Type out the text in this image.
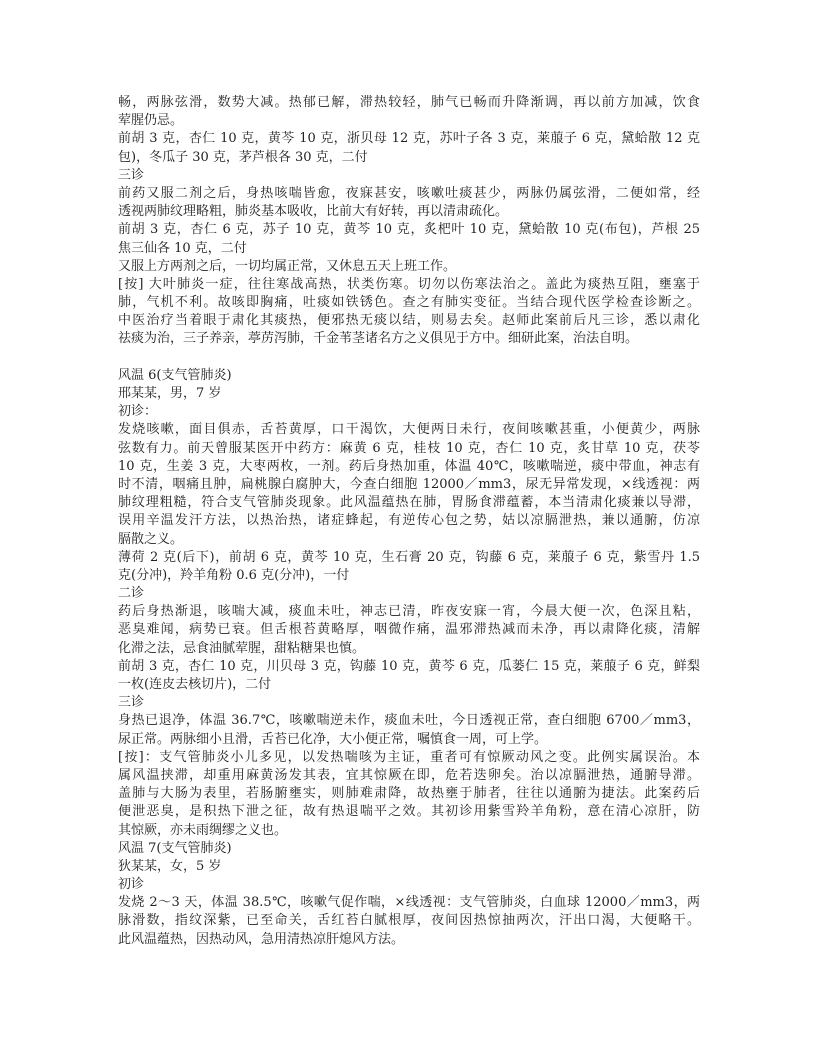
畅，两脉弦滑，数势大减。热郁已解，滞热较轻，肺气已畅而升降渐调，再以前方加减，饮食
荤腥仍忌。
前胡 3 克，杏仁 10 克，黄芩 10 克，浙贝母 12 克，苏叶子各 3 克，莱菔子 6 克，黛蛤散 12 克
包)，冬瓜子 30 克，茅芦根各 30 克，二付
三诊
前药又服二剂之后，身热咳喘皆愈，夜寐甚安，咳嗽吐痰甚少，两脉仍属弦滑，二便如常，经
透视两肺纹理略粗，肺炎基本吸收，比前大有好转，再以清肃疏化。
前胡 3 克，杏仁 6 克，苏子 10 克，黄芩 10 克，炙杷叶 10 克，黛蛤散 10 克(布包)，芦根 25
焦三仙各 10 克，二付
又服上方两剂之后，一切均属正常，又休息五天上班工作。
[按] 大叶肺炎一症，往往寒战高热，状类伤寒。切勿以伤寒法治之。盖此为痰热互阻，壅塞于
肺，气机不利。故咳即胸痛，吐痰如铁锈色。查之有肺实变征。当结合现代医学检查诊断之。
中医治疗当着眼于肃化其痰热，便邪热无痰以结，则易去矣。赵师此案前后凡三诊，悉以肃化
祛痰为治，三子养亲，葶苈泻肺，千金苇茎诸名方之义俱见于方中。细研此案，治法自明。
风温 6(支气管肺炎)
邢某某，男，7 岁
初诊：
发烧咳嗽，面目俱赤，舌苔黄厚，口干渴饮，大便两日未行，夜间咳嗽甚重，小便黄少，两脉
弦数有力。前天曾服某医开中药方：麻黄 6 克，桂枝 10 克，杏仁 10 克，炙甘草 10 克，茯苓
10 克，生姜 3 克，大枣两枚，一剂。药后身热加重，体温 40℃，咳嗽喘逆，痰中带血，神志有
时不清，咽痛且肿，扁桃腺白腐肿大，今查白细胞 12000／mm3，尿无异常发现，×线透视：两
肺纹理粗糙，符合支气管肺炎现象。此风温蕴热在肺，胃肠食滞蕴蓄，本当清肃化痰兼以导滞，
误用辛温发汗方法，以热治热，诸症蜂起，有逆传心包之势，姑以凉膈泄热，兼以通腑，仿凉
膈散之义。
薄荷 2 克(后下)，前胡 6 克，黄芩 10 克，生石膏 20 克，钩藤 6 克，莱菔子 6 克，紫雪丹 1.5
克(分冲)，羚羊角粉 0.6 克(分冲)，一付
二诊
药后身热渐退，咳喘大减，痰血未吐，神志已清，昨夜安寐一宵，今晨大便一次，色深且粘，
恶臭难闻，病势已衰。但舌根苔黄略厚，咽微作痛，温邪滞热减而未净，再以肃降化痰，清解
化滞之法，忌食油腻荤腥，甜粘糖果也慎。
前胡 3 克，杏仁 10 克，川贝母 3 克，钩藤 10 克，黄芩 6 克，瓜蒌仁 15 克，莱菔子 6 克，鲜梨
一枚(连皮去核切片)，二付
三诊
身热已退净，体温 36.7℃，咳嗽喘逆未作，痰血未吐，今日透视正常，查白细胞 6700／mm3，
尿正常。两脉细小且滑，舌苔已化净，大小便正常，嘱慎食一周，可上学。
[按]：支气管肺炎小儿多见，以发热喘咳为主证，重者可有惊厥动风之变。此例实属误治。本
属风温挟滞，却重用麻黄汤发其表，宜其惊厥在即，危若迭卵矣。治以凉膈泄热，通腑导滞。
盖肺与大肠为表里，若肠腑壅实，则肺难肃降，故热壅于肺者，往往以通腑为捷法。此案药后
便泄恶臭，是积热下泄之征，故有热退喘平之效。其初诊用紫雪羚羊角粉，意在清心凉肝，防
其惊厥，亦未雨绸缪之义也。
风温 7(支气管肺炎)
狄某某，女，5 岁
初诊
发烧 2～3 天，体温 38.5℃，咳嗽气促作喘，×线透视：支气管肺炎，白血球 12000／mm3，两
脉滑数，指纹深紫，已至命关，舌红苔白腻根厚，夜间因热惊抽两次，汗出口渴，大便略干。
此风温蕴热，因热动风，急用清热凉肝熄风方法。
